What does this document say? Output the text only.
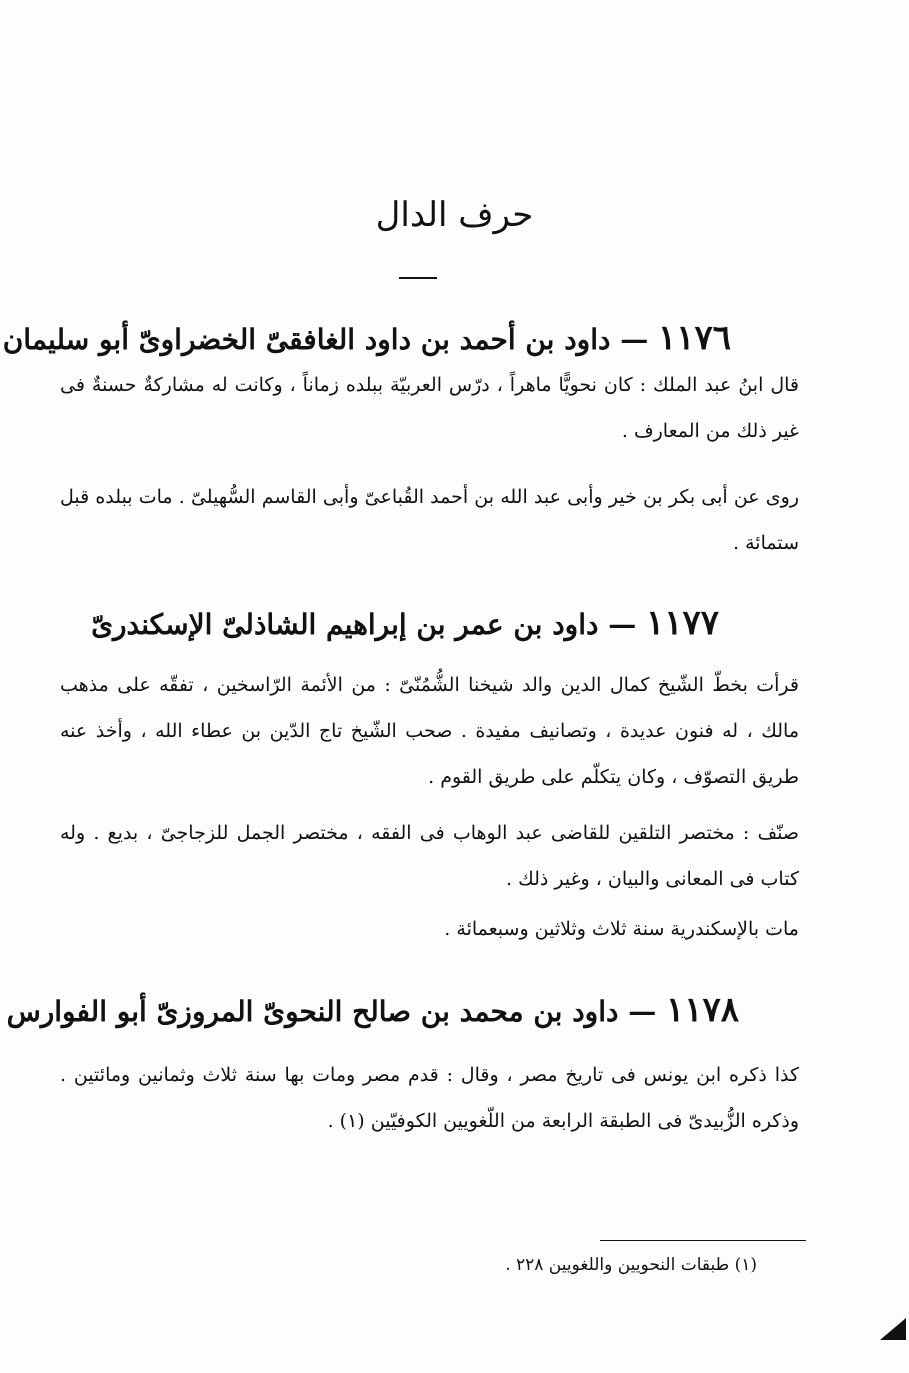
حرف الدال
١١٧٦ — داود بن أحمد بن داود الغافقىّ الخضراوىّ أبو سليمان

قال ابنُ عبد الملك : كان نحويًّا ماهراً ، درّس العربيّة ببلده زماناً ، وكانت له مشاركةٌ حسنةٌ فى غير ذلك من المعارف .

روى عن أبى بكر بن خير وأبى عبد الله بن أحمد القُباعىّ وأبى القاسم السُّهيلىّ . مات ببلده قبل ستمائة .

١١٧٧ — داود بن عمر بن إبراهيم الشاذلىّ الإسكندرىّ

قرأت بخطّ الشّيخ كمال الدين والد شيخنا الشُّمُنّىّ : من الأئمة الرّاسخين ، تفقّه على مذهب مالك ، له فنون عديدة ، وتصانيف مفيدة . صحب الشّيخ تاج الدّين بن عطاء الله ، وأخذ عنه طريق التصوّف ، وكان يتكلّم على طريق القوم .

صنّف : مختصر التلقين للقاضى عبد الوهاب فى الفقه ، مختصر الجمل للزجاجىّ ، بديع . وله كتاب فى المعانى والبيان ، وغير ذلك .

مات بالإسكندرية سنة ثلاث وثلاثين وسبعمائة .

١١٧٨ — داود بن محمد بن صالح النحوىّ المروزىّ أبو الفوارس

كذا ذكره ابن يونس فى تاريخ مصر ، وقال : قدم مصر ومات بها سنة ثلاث وثمانين ومائتين . وذكره الزُّبيدىّ فى الطبقة الرابعة من اللّغويين الكوفيّين (١) .

(١) طبقات النحويين واللغويين ٢٢٨ .
